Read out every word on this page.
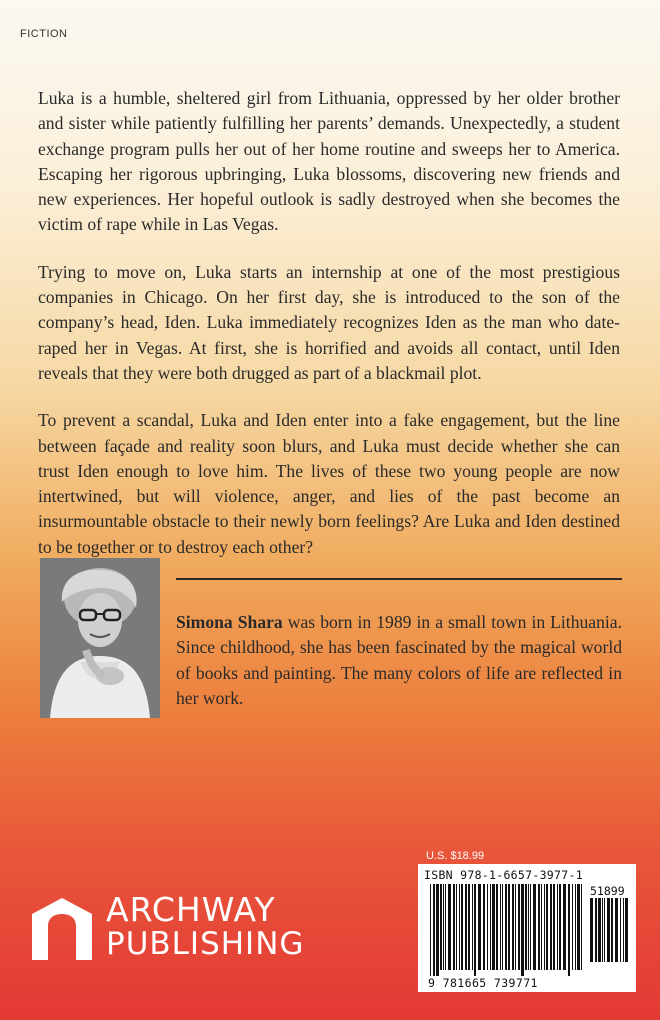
FICTION

Luka is a humble, sheltered girl from Lithuania, oppressed by her older brother and sister while patiently fulfilling her parents’ demands. Unexpectedly, a student exchange program pulls her out of her home routine and sweeps her to America. Escaping her rigorous upbringing, Luka blossoms, discovering new friends and new experiences. Her hopeful outlook is sadly destroyed when she becomes the victim of rape while in Las Vegas.

Trying to move on, Luka starts an internship at one of the most prestigious companies in Chicago. On her first day, she is introduced to the son of the company’s head, Iden. Luka immediately recognizes Iden as the man who date-raped her in Vegas. At first, she is horrified and avoids all contact, until Iden reveals that they were both drugged as part of a blackmail plot.

To prevent a scandal, Luka and Iden enter into a fake engagement, but the line between façade and reality soon blurs, and Luka must decide whether she can trust Iden enough to love him. The lives of these two young people are now intertwined, but will violence, anger, and lies of the past become an insurmountable obstacle to their newly born feelings? Are Luka and Iden destined to be together or to destroy each other?

Simona Shara was born in 1989 in a small town in Lithuania. Since childhood, she has been fascinated by the magical world of books and painting. The many colors of life are reflected in her work.

ARCHWAY
PUBLISHING
U.S. $18.99
ISBN 978-1-6657-3977-1
51899
9 781665 739771
